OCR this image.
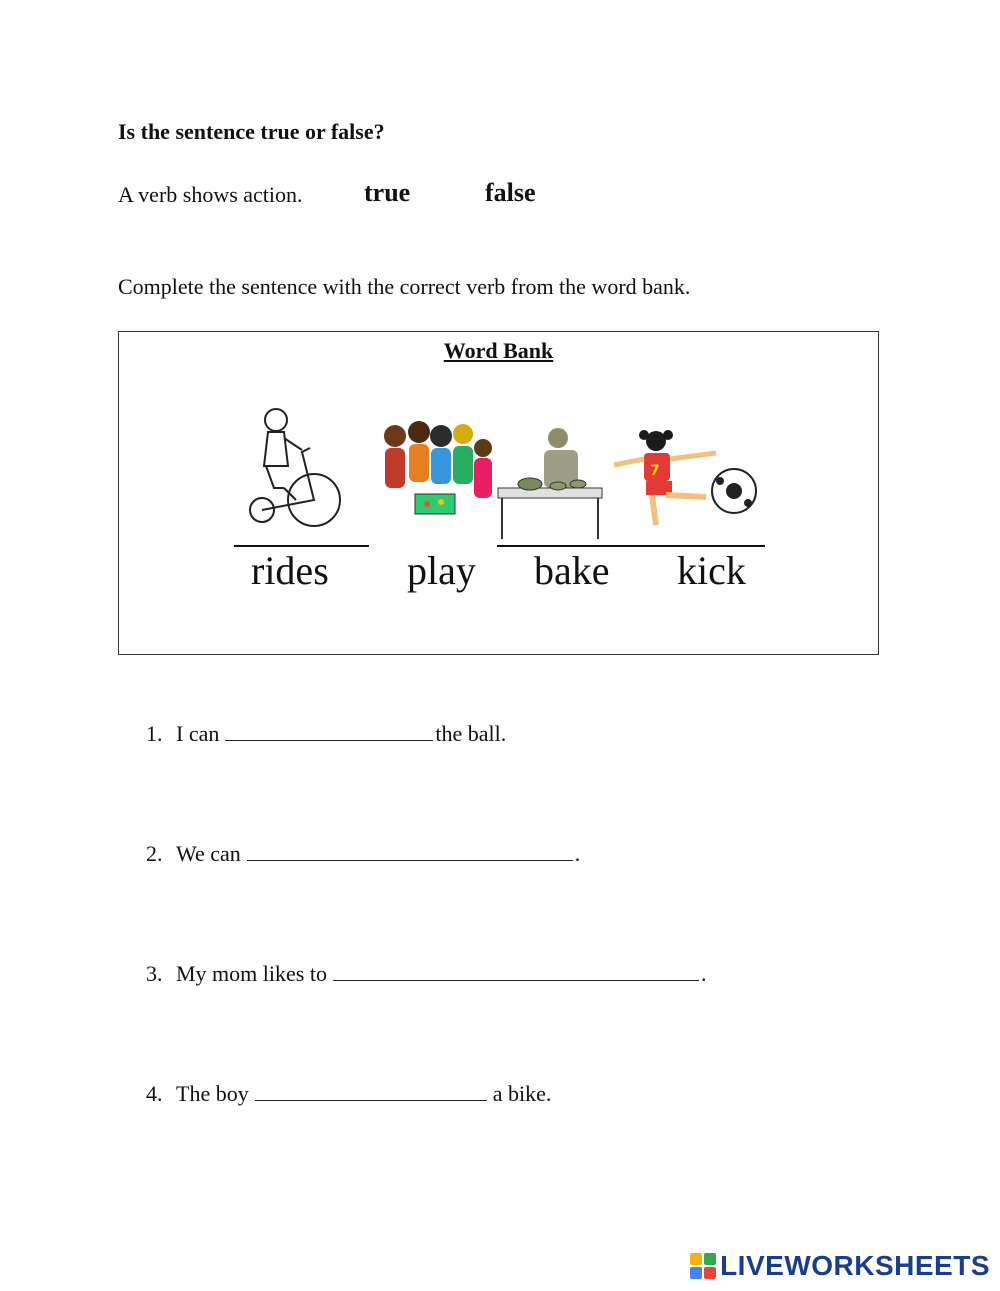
Is the sentence true or false?
A verb shows action. true	false
Complete the sentence with the correct verb from the word bank.
Word Bank
7
rides play bake kick
1. I can	the ball.
2. We can	.
3. My mom likes to	.
4. The boy	a bike.
LIVEWORKSHEETS
